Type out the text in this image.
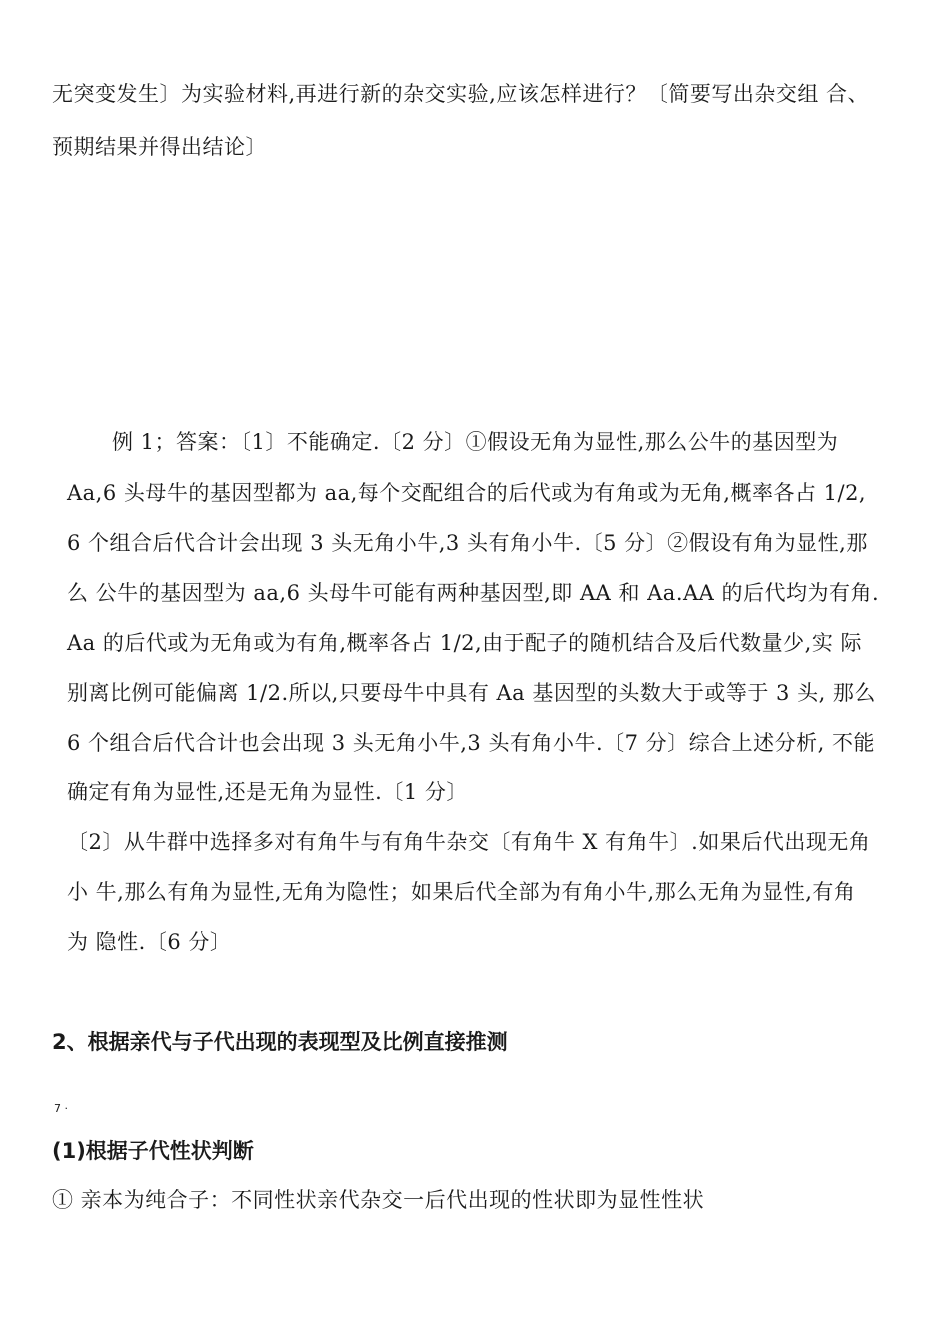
无突变发生〕为实验材料,再进行新的杂交实验,应该怎样进行？〔简要写出杂交组 合、
预期结果并得出结论〕
例 1；答案：〔1〕不能确定.〔2 分〕①假设无角为显性,那么公牛的基因型为
Aa,6 头母牛的基因型都为 aa,每个交配组合的后代或为有角或为无角,概率各占 1/2,
6 个组合后代合计会出现 3 头无角小牛,3 头有角小牛.〔5 分〕②假设有角为显性,那
么 公牛的基因型为 aa,6 头母牛可能有两种基因型,即 AA 和 Aa.AA 的后代均为有角.
Aa 的后代或为无角或为有角,概率各占 1/2,由于配子的随机结合及后代数量少,实 际
别离比例可能偏离 1/2.所以,只要母牛中具有 Aa 基因型的头数大于或等于 3 头, 那么
6 个组合后代合计也会出现 3 头无角小牛,3 头有角小牛.〔7 分〕综合上述分析, 不能
确定有角为显性,还是无角为显性.〔1 分〕
〔2〕从牛群中选择多对有角牛与有角牛杂交〔有角牛 X 有角牛〕.如果后代出现无角
小 牛,那么有角为显性,无角为隐性；如果后代全部为有角小牛,那么无角为显性,有角
为 隐性.〔6 分〕
2、根据亲代与子代出现的表现型及比例直接推测
7 ·
(1)根据子代性状判断
① 亲本为纯合子：不同性状亲代杂交一后代出现的性状即为显性性状
